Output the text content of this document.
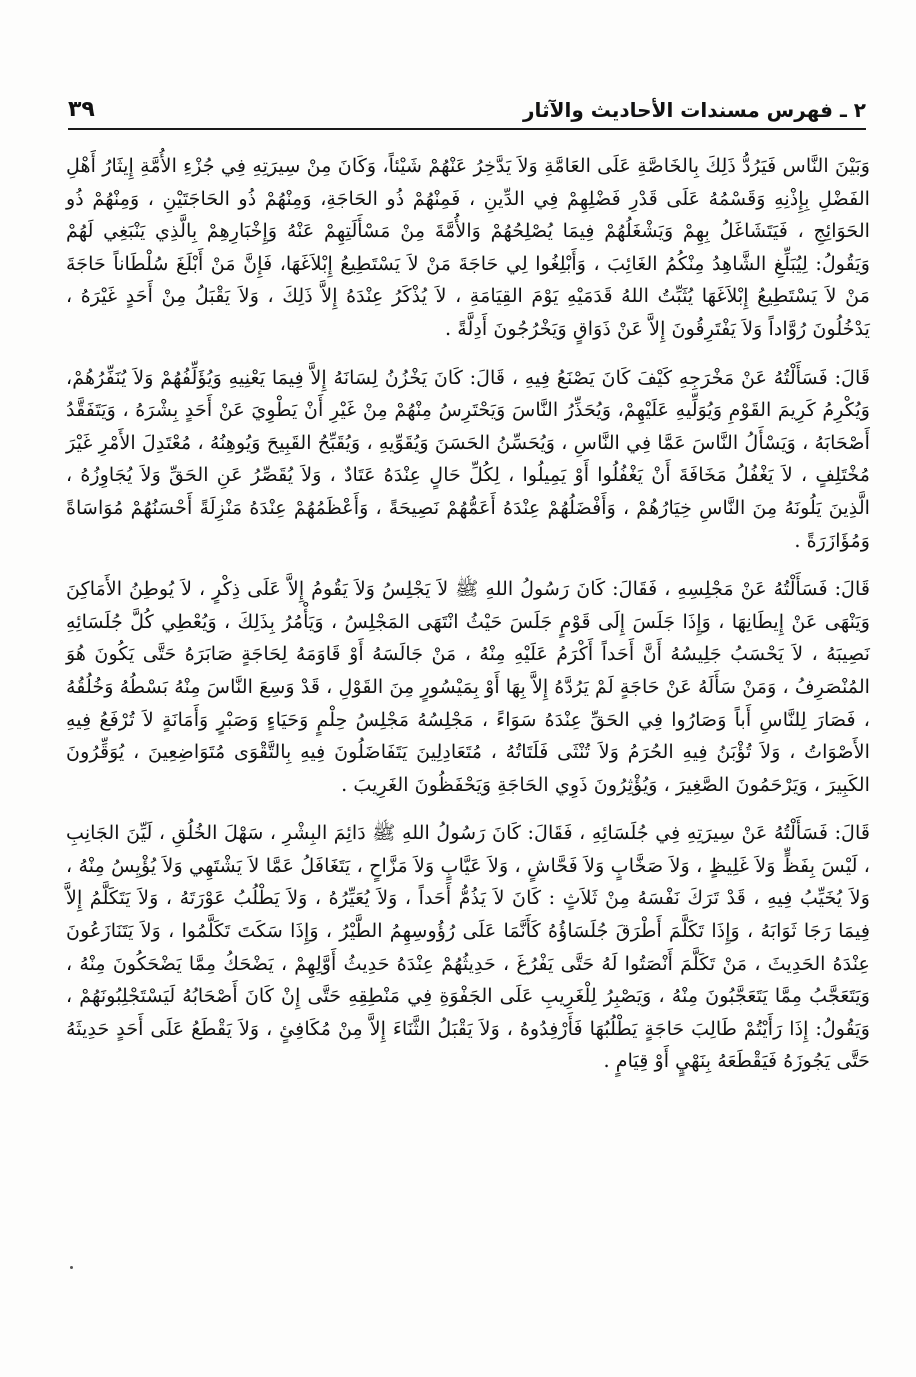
٢ ـ فهرس مسندات الأحاديث والآثار
٣٩

وَبَيْنَ النَّاس فَيَرُدُّ ذَلِكَ بِالخَاصَّةِ عَلَى العَامَّةِ وَلاَ يَدَّخِرُ عَنْهُمْ شَيْئاً، وَكَانَ مِنْ سِيرَتِهِ فِي جُزْءِ الأُمَّةِ إِيثَارُ أَهْلِ الفَضْلِ بِإِذْنِهِ وَقَسْمُهُ عَلَى قَدْرِ فَضْلِهِمْ فِي الدِّينِ ، فَمِنْهُمْ ذُو الحَاجَةِ، وَمِنْهُمْ ذُو الحَاجَتَيْنِ ، وَمِنْهُمْ ذُو الحَوَائِجِ ، فَيَتَشَاغَلُ بِهِمْ وَيَشْغَلُهُمْ فِيمَا يُصْلِحُهُمْ وَالأُمَّةَ مِنْ مَسْأَلَتِهِمْ عَنْهُ وَإِخْبَارِهِمْ بِالَّذِي يَنْبَغِي لَهُمْ وَيَقُولُ: لِيُبَلِّغِ الشَّاهِدُ مِنْكُمُ الغَائِبَ ، وَأَبْلِغُوا لِي حَاجَةَ مَنْ لاَ يَسْتَطِيعُ إِبْلاَغَهَا، فَإِنَّ مَنْ أَبْلَغَ سُلْطَاناً حَاجَةَ مَنْ لاَ يَسْتَطِيعُ إِبْلاَغَهَا يُثَبِّتُ اللهُ قَدَمَيْهِ يَوْمَ القِيَامَةِ ، لاَ يُذْكَرُ عِنْدَهُ إِلاَّ ذَلِكَ ، وَلاَ يَقْبَلُ مِنْ أَحَدٍ غَيْرَهُ ، يَدْخُلُونَ رُوَّاداً وَلاَ يَفْتَرِقُونَ إِلاَّ عَنْ ذَوَاقٍ وَيَخْرُجُونَ أَدِلَّةً .

قَالَ: فَسَأَلْتُهُ عَنْ مَخْرَجِهِ كَيْفَ كَانَ يَصْنَعُ فِيهِ ، قَالَ: كَانَ يَخْزُنُ لِسَانَهُ إِلاَّ فِيمَا يَعْنِيهِ وَيُؤَلِّفُهُمْ وَلاَ يُنَفِّرُهُمْ، وَيُكْرِمُ كَرِيمَ القَوْمِ وَيُوَلِّيهِ عَلَيْهِمْ، وَيُحَذِّرُ النَّاسَ وَيَحْتَرِسُ مِنْهُمْ مِنْ غَيْرِ أَنْ يَطْوِيَ عَنْ أَحَدٍ بِشْرَهُ ، وَيَتَفَقَّدُ أَصْحَابَهُ ، وَيَسْأَلُ النَّاسَ عَمَّا فِي النَّاسِ ، وَيُحَسِّنُ الحَسَنَ وَيُقَوِّيهِ ، وَيُقَبِّحُ القَبِيحَ وَيُوهِنُهُ ، مُعْتَدِلَ الأَمْرِ غَيْرَ مُخْتَلِفٍ ، لاَ يَغْفُلُ مَخَافَةَ أَنْ يَغْفُلُوا أَوْ يَمِيلُوا ، لِكُلِّ حَالٍ عِنْدَهُ عَتَادٌ ، وَلاَ يُقَصِّرُ عَنِ الحَقِّ وَلاَ يُجَاوِزُهُ ، الَّذِينَ يَلُونَهُ مِنَ النَّاسِ خِيَارُهُمْ ، وَأَفْضَلُهُمْ عِنْدَهُ أَعَمُّهُمْ نَصِيحَةً ، وَأَعْظَمُهُمْ عِنْدَهُ مَنْزِلَةً أَحْسَنُهُمْ مُوَاسَاةً وَمُؤَازَرَةً .

قَالَ: فَسَأَلْتُهُ عَنْ مَجْلِسِهِ ، فَقَالَ: كَانَ رَسُولُ اللهِ ﷺ لاَ يَجْلِسُ وَلاَ يَقُومُ إِلاَّ عَلَى ذِكْرٍ ، لاَ يُوطِنُ الأَمَاكِنَ وَيَنْهَى عَنْ إِيطَانِهَا ، وَإِذَا جَلَسَ إِلَى قَوْمٍ جَلَسَ حَيْثُ انْتَهَى المَجْلِسُ ، وَيَأْمُرُ بِذَلِكَ ، وَيُعْطِي كُلَّ جُلَسَائِهِ نَصِيبَهُ ، لاَ يَحْسَبُ جَلِيسُهُ أَنَّ أَحَداً أَكْرَمُ عَلَيْهِ مِنْهُ ، مَنْ جَالَسَهُ أَوْ قَاوَمَهُ لِحَاجَةٍ صَابَرَهُ حَتَّى يَكُونَ هُوَ المُنْصَرِفُ ، وَمَنْ سَأَلَهُ عَنْ حَاجَةٍ لَمْ يَرُدَّهُ إِلاَّ بِهَا أَوْ بِمَيْسُورٍ مِنَ القَوْلِ ، قَدْ وَسِعَ النَّاسَ مِنْهُ بَسْطُهُ وَخُلُقُهُ ، فَصَارَ لِلنَّاسِ أَباً وَصَارُوا فِي الحَقِّ عِنْدَهُ سَوَاءً ، مَجْلِسُهُ مَجْلِسُ حِلْمٍ وَحَيَاءٍ وَصَبْرٍ وَأَمَانَةٍ لاَ تُرْفَعُ فِيهِ الأَصْوَاتُ ، وَلاَ تُؤْبَنُ فِيهِ الحُرَمُ وَلاَ تُنْثَى فَلَتَاتُهُ ، مُتَعَادِلِينَ يَتَفَاضَلُونَ فِيهِ بِالتَّقْوَى مُتَوَاضِعِينَ ، يُوَقِّرُونَ الكَبِيرَ ، وَيَرْحَمُونَ الصَّغِيرَ ، وَيُؤْثِرُونَ ذَوِي الحَاجَةِ وَيَحْفَظُونَ الغَرِيبَ .

قَالَ: فَسَأَلْتُهُ عَنْ سِيرَتِهِ فِي جُلَسَائِهِ ، فَقَالَ: كَانَ رَسُولُ اللهِ ﷺ دَائِمَ البِشْرِ ، سَهْلَ الخُلُقِ ، لَيِّنَ الجَانِبِ ، لَيْسَ بِفَظٍّ وَلاَ غَلِيظٍ ، وَلاَ صَخَّابٍ وَلاَ فَحَّاشٍ ، وَلاَ عَيَّابٍ وَلاَ مَزَّاحٍ ، يَتَغَافَلُ عَمَّا لاَ يَشْتَهِي وَلاَ يُؤْيِسُ مِنْهُ ، وَلاَ يُخَيِّبُ فِيهِ ، قَدْ تَرَكَ نَفْسَهُ مِنْ ثَلاَثٍ : كَانَ لاَ يَذُمُّ أَحَداً ، وَلاَ يُعَيِّرُهُ ، وَلاَ يَطْلُبُ عَوْرَتَهُ ، وَلاَ يَتَكَلَّمُ إِلاَّ فِيمَا رَجَا ثَوَابَهُ ، وَإِذَا تَكَلَّمَ أَطْرَقَ جُلَسَاؤُهُ كَأَنَّمَا عَلَى رُؤُوسِهِمُ الطَّيْرُ ، وَإِذَا سَكَتَ تَكَلَّمُوا ، وَلاَ يَتَنَازَعُونَ عِنْدَهُ الحَدِيثَ ، مَنْ تَكَلَّمَ أَنْصَتُوا لَهُ حَتَّى يَفْرُغَ ، حَدِيثُهُمْ عِنْدَهُ حَدِيثُ أَوَّلِهِمْ ، يَضْحَكُ مِمَّا يَضْحَكُونَ مِنْهُ ، وَيَتَعَجَّبُ مِمَّا يَتَعَجَّبُونَ مِنْهُ ، وَيَصْبِرُ لِلْغَرِيبِ عَلَى الجَفْوَةِ فِي مَنْطِقِهِ حَتَّى إِنْ كَانَ أَصْحَابُهُ لَيَسْتَجْلِبُونَهُمْ ، وَيَقُولُ: إِذَا رَأَيْتُمْ طَالِبَ حَاجَةٍ يَطْلُبُهَا فَأَرْفِدُوهُ ، وَلاَ يَقْبَلُ الثَّنَاءَ إِلاَّ مِنْ مُكَافِئٍ ، وَلاَ يَقْطَعُ عَلَى أَحَدٍ حَدِيثَهُ حَتَّى يَجُوزَهُ فَيَقْطَعَهُ بِنَهْيٍ أَوْ قِيَامٍ .
